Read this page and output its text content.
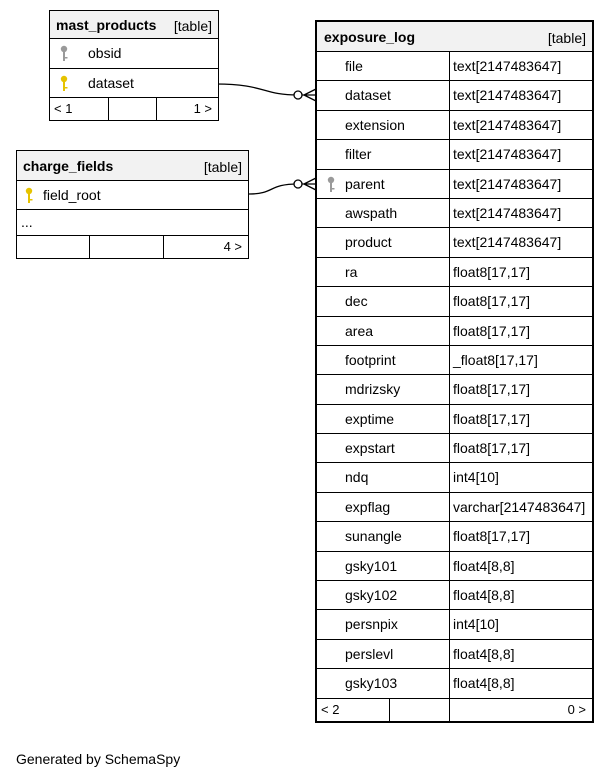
mast_products [table]
obsid
dataset
< 1	1 >
charge_fields	[table]
field_root
...
4 >
exposure_log	[table]
file	text[2147483647]
dataset	text[2147483647]
extension	text[2147483647]
filter	text[2147483647]
parent	text[2147483647]
awspath	text[2147483647]
product	text[2147483647]
ra	float8[17,17]
dec	float8[17,17]
area	float8[17,17]
footprint	_float8[17,17]
mdrizsky	float8[17,17]
exptime	float8[17,17]
expstart	float8[17,17]
ndq	int4[10]
expflag	varchar[2147483647]
sunangle	float8[17,17]
gsky101	float4[8,8]
gsky102	float4[8,8]
persnpix	int4[10]
perslevl	float4[8,8]
gsky103	float4[8,8]
< 2	0 >
Generated by SchemaSpy
